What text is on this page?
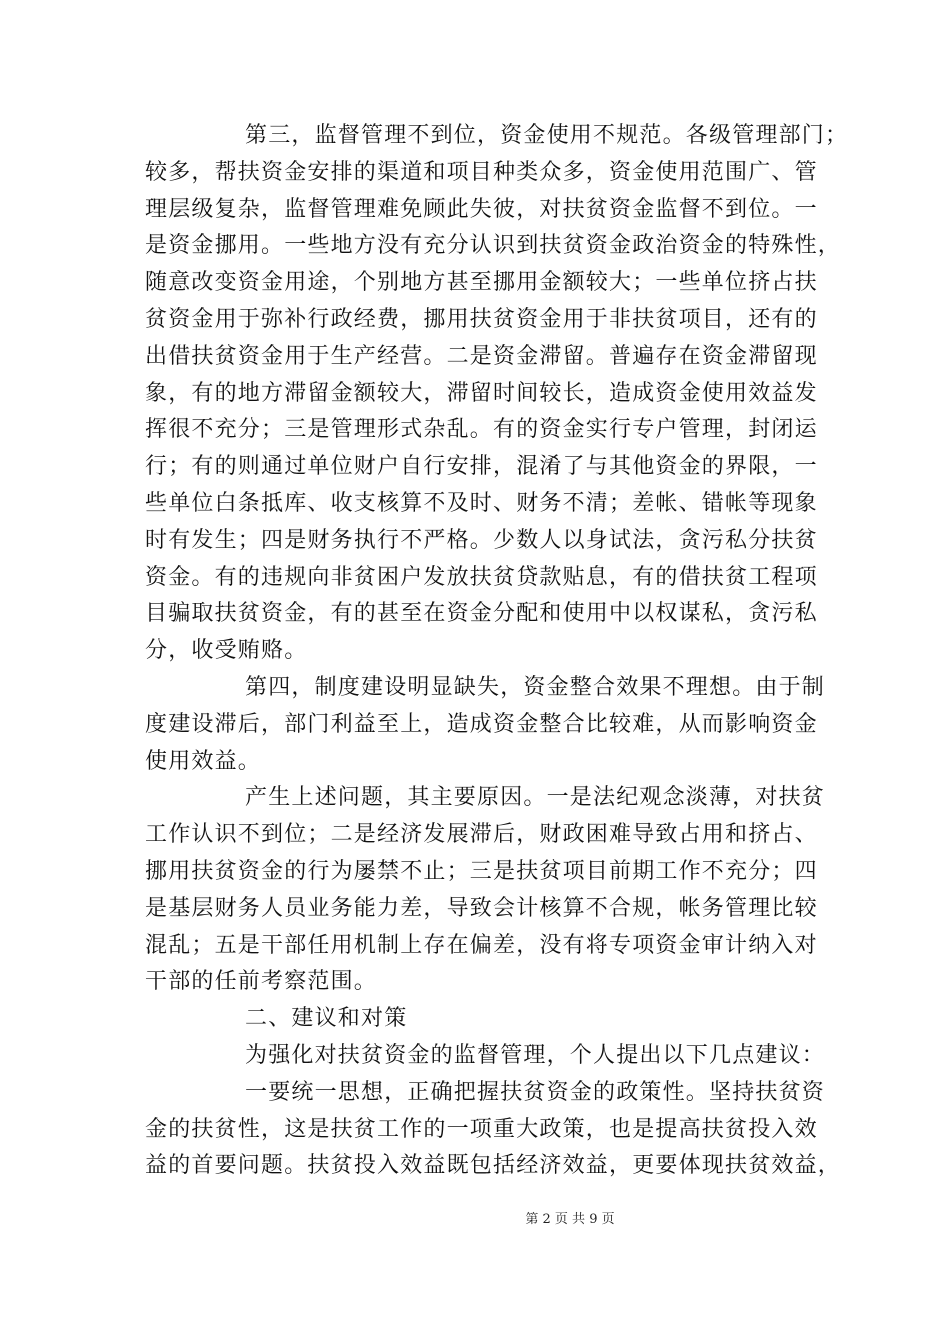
第三，监督管理不到位，资金使用不规范。各级管理部门；
较多，帮扶资金安排的渠道和项目种类众多，资金使用范围广、管
理层级复杂，监督管理难免顾此失彼，对扶贫资金监督不到位。一
是资金挪用。一些地方没有充分认识到扶贫资金政治资金的特殊性，
随意改变资金用途，个别地方甚至挪用金额较大；一些单位挤占扶
贫资金用于弥补行政经费，挪用扶贫资金用于非扶贫项目，还有的
出借扶贫资金用于生产经营。二是资金滞留。普遍存在资金滞留现
象，有的地方滞留金额较大，滞留时间较长，造成资金使用效益发
挥很不充分；三是管理形式杂乱。有的资金实行专户管理，封闭运
行；有的则通过单位财户自行安排，混淆了与其他资金的界限，一
些单位白条抵库、收支核算不及时、财务不清；差帐、错帐等现象
时有发生；四是财务执行不严格。少数人以身试法，贪污私分扶贫
资金。有的违规向非贫困户发放扶贫贷款贴息，有的借扶贫工程项
目骗取扶贫资金，有的甚至在资金分配和使用中以权谋私，贪污私
分，收受贿赂。
第四，制度建设明显缺失，资金整合效果不理想。由于制
度建设滞后，部门利益至上，造成资金整合比较难，从而影响资金
使用效益。
产生上述问题，其主要原因。一是法纪观念淡薄，对扶贫
工作认识不到位；二是经济发展滞后，财政困难导致占用和挤占、
挪用扶贫资金的行为屡禁不止；三是扶贫项目前期工作不充分；四
是基层财务人员业务能力差，导致会计核算不合规，帐务管理比较
混乱；五是干部任用机制上存在偏差，没有将专项资金审计纳入对
干部的任前考察范围。
二、建议和对策
为强化对扶贫资金的监督管理，个人提出以下几点建议：
一要统一思想，正确把握扶贫资金的政策性。坚持扶贫资
金的扶贫性，这是扶贫工作的一项重大政策，也是提高扶贫投入效
益的首要问题。扶贫投入效益既包括经济效益，更要体现扶贫效益，
第 2 页 共 9 页
